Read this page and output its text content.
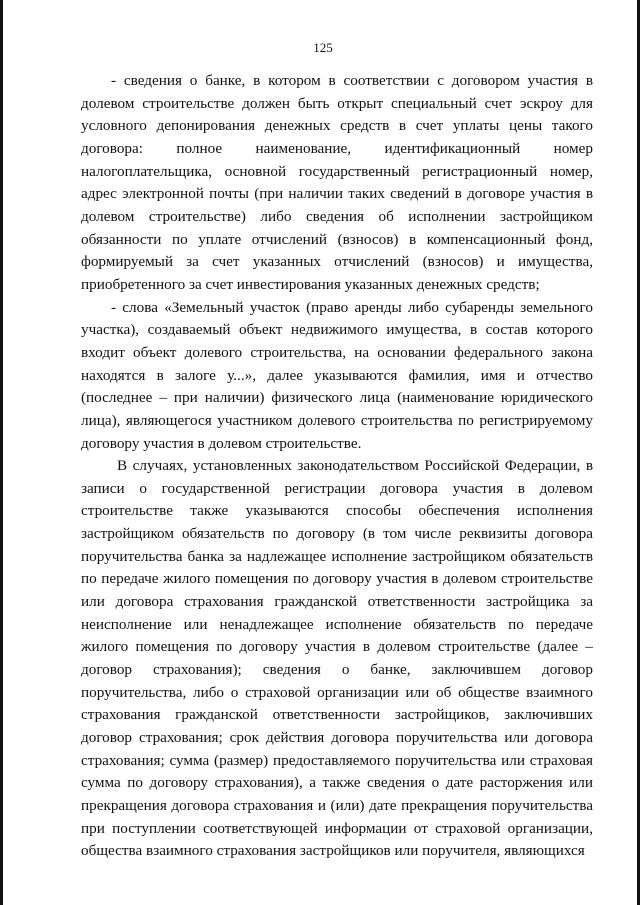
125

- сведения о банке, в котором в соответствии с договором участия в долевом строительстве должен быть открыт специальный счет эскроу для условного депонирования денежных средств в счет уплаты цены такого договора: полное наименование, идентификационный номер налогоплательщика, основной государственный регистрационный номер, адрес электронной почты (при наличии таких сведений в договоре участия в долевом строительстве) либо сведения об исполнении застройщиком обязанности по уплате отчислений (взносов) в компенсационный фонд, формируемый за счет указанных отчислений (взносов) и имущества, приобретенного за счет инвестирования указанных денежных средств;

- слова «Земельный участок (право аренды либо субаренды земельного участка), создаваемый объект недвижимого имущества, в состав которого входит объект долевого строительства, на основании федерального закона находятся в залоге у...», далее указываются фамилия, имя и отчество (последнее – при наличии) физического лица (наименование юридического лица), являющегося участником долевого строительства по регистрируемому договору участия в долевом строительстве.

В случаях, установленных законодательством Российской Федерации, в записи о государственной регистрации договора участия в долевом строительстве также указываются способы обеспечения исполнения застройщиком обязательств по договору (в том числе реквизиты договора поручительства банка за надлежащее исполнение застройщиком обязательств по передаче жилого помещения по договору участия в долевом строительстве или договора страхования гражданской ответственности застройщика за неисполнение или ненадлежащее исполнение обязательств по передаче жилого помещения по договору участия в долевом строительстве (далее – договор страхования); сведения о банке, заключившем договор поручительства, либо о страховой организации или об обществе взаимного страхования гражданской ответственности застройщиков, заключивших договор страхования; срок действия договора поручительства или договора страхования; сумма (размер) предоставляемого поручительства или страховая сумма по договору страхования), а также сведения о дате расторжения или прекращения договора страхования и (или) дате прекращения поручительства при поступлении соответствующей информации от страховой организации, общества взаимного страхования застройщиков или поручителя, являющихся
